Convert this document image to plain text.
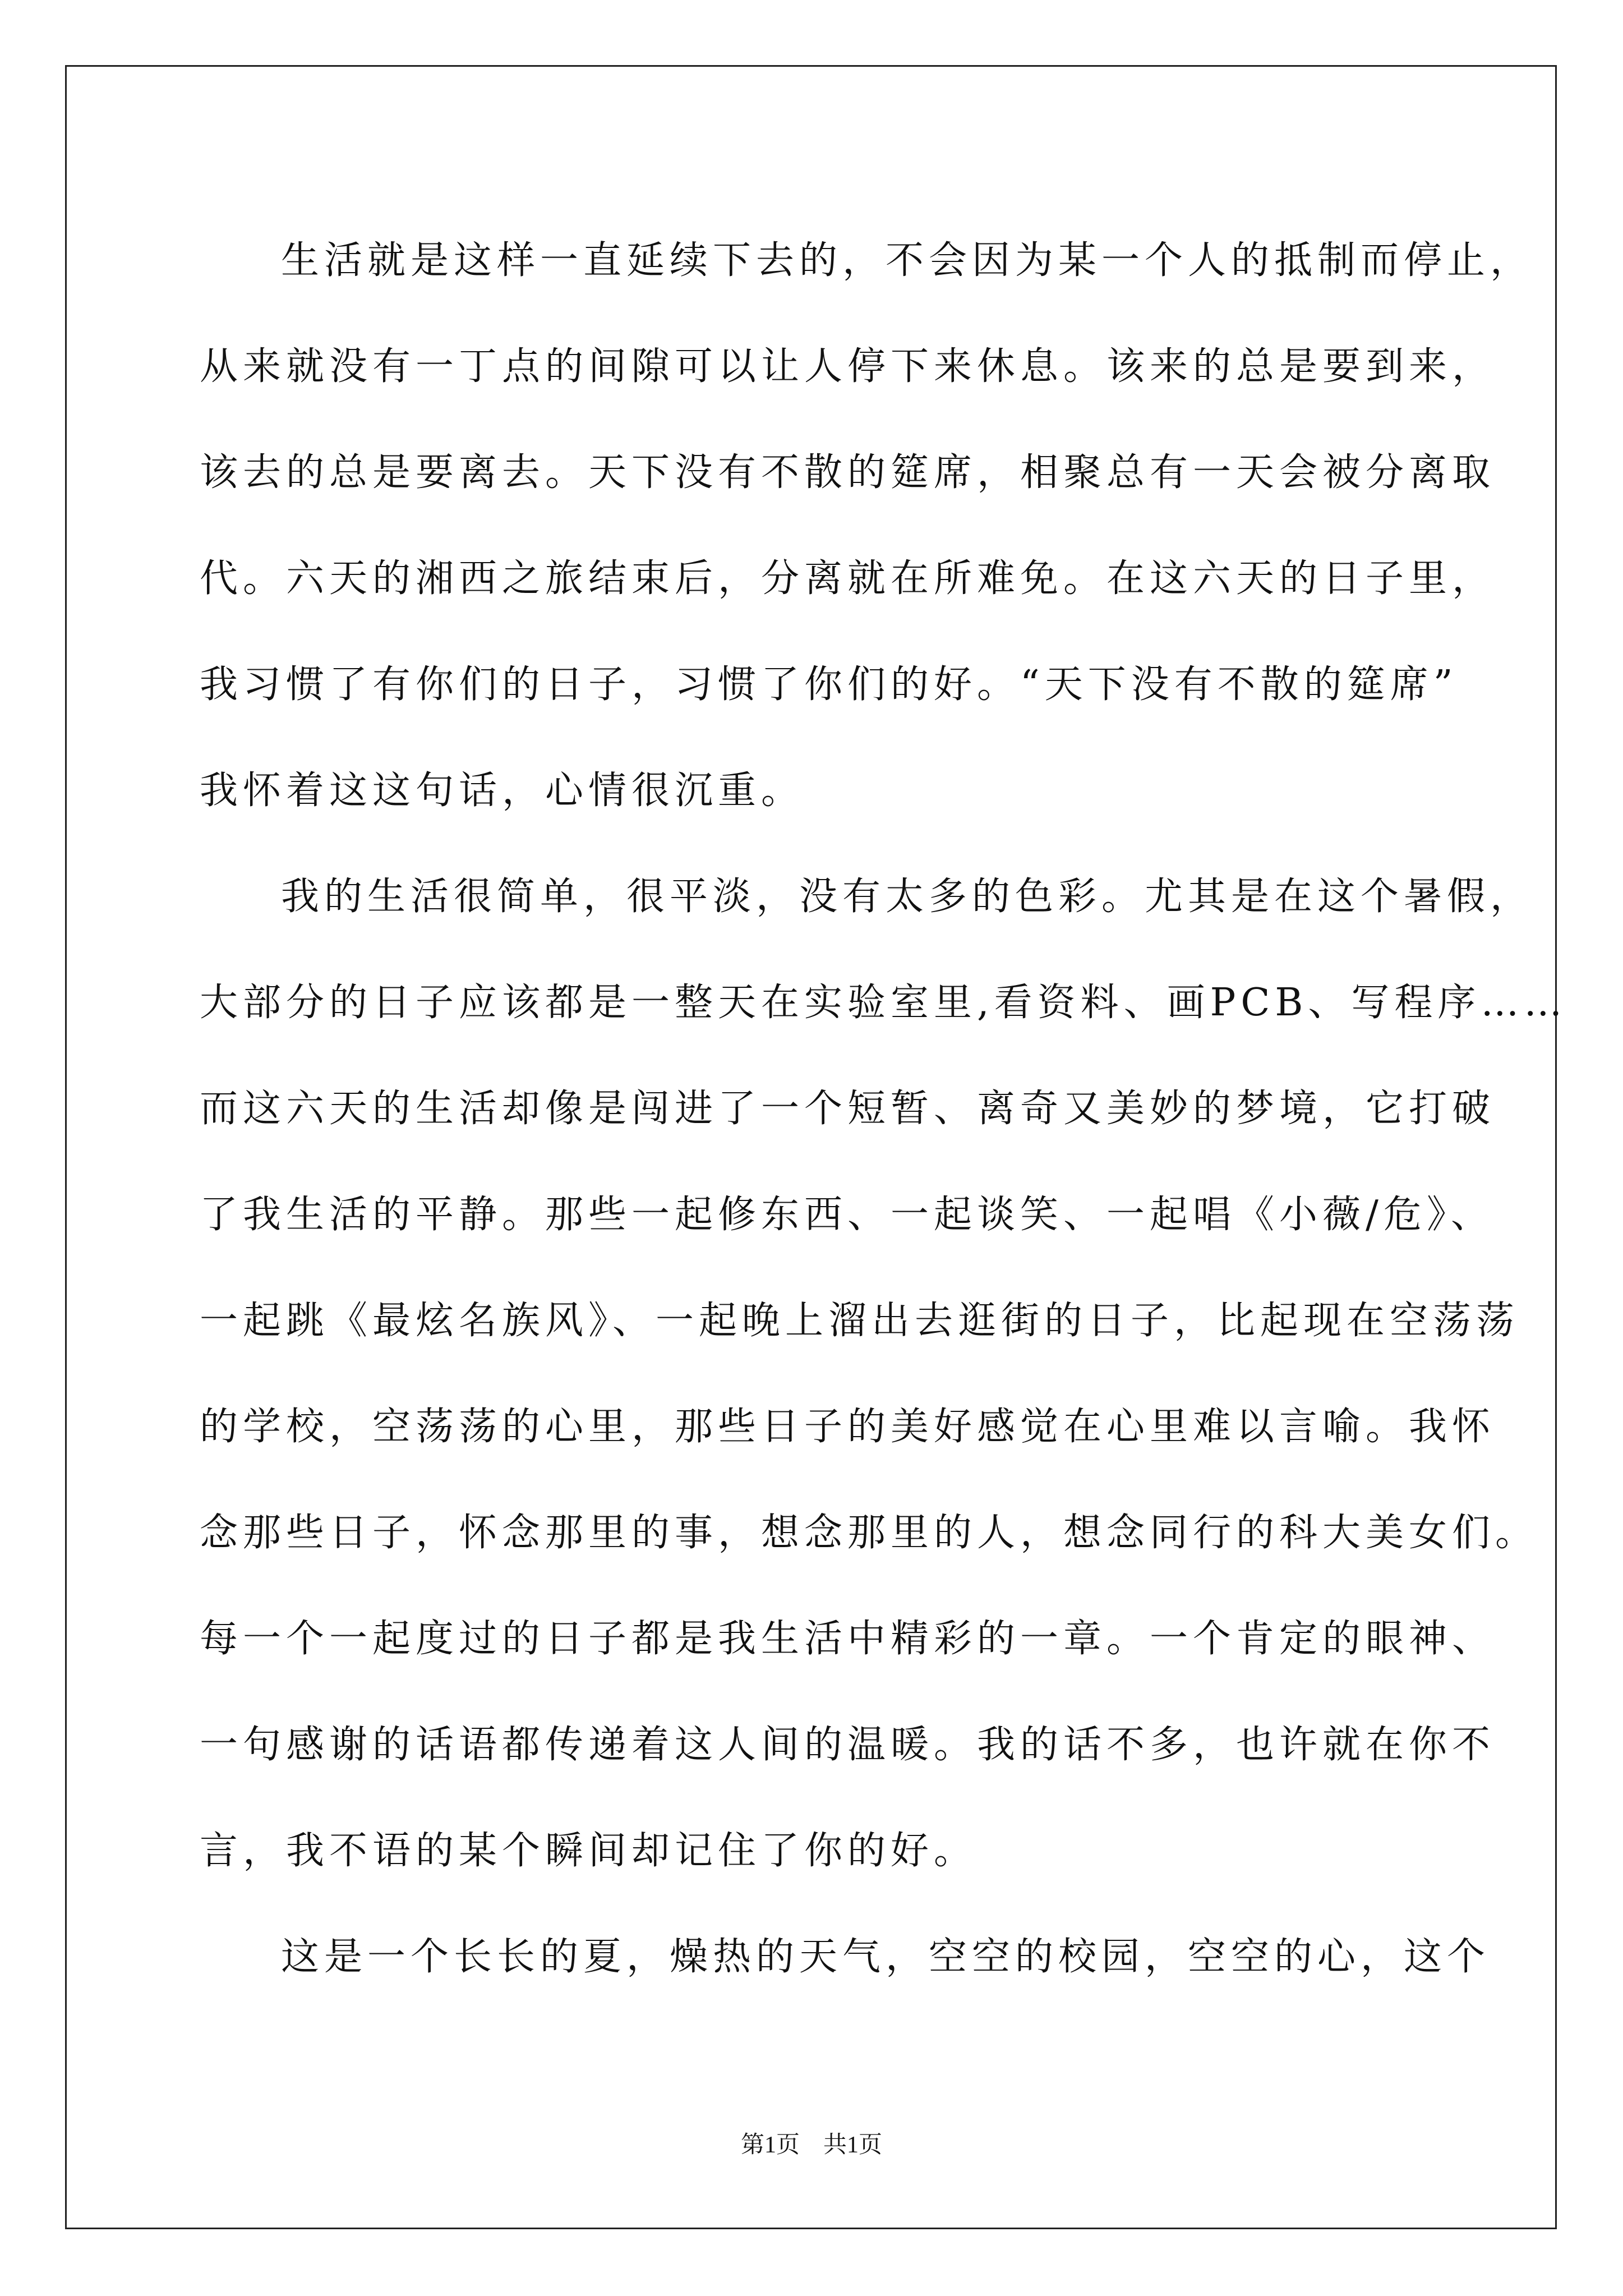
生活就是这样一直延续下去的，不会因为某一个人的抵制而停止，
从来就没有一丁点的间隙可以让人停下来休息。该来的总是要到来，
该去的总是要离去。天下没有不散的筵席，相聚总有一天会被分离取
代。六天的湘西之旅结束后，分离就在所难免。在这六天的日子里，
我习惯了有你们的日子，习惯了你们的好。“天下没有不散的筵席”
我怀着这这句话，心情很沉重。
我的生活很简单，很平淡，没有太多的色彩。尤其是在这个暑假，
大部分的日子应该都是一整天在实验室里,看资料、画PCB、写程序……
而这六天的生活却像是闯进了一个短暂、离奇又美妙的梦境，它打破
了我生活的平静。那些一起修东西、一起谈笑、一起唱《小薇/危》、
一起跳《最炫名族风》、一起晚上溜出去逛街的日子，比起现在空荡荡
的学校，空荡荡的心里，那些日子的美好感觉在心里难以言喻。我怀
念那些日子，怀念那里的事，想念那里的人，想念同行的科大美女们。
每一个一起度过的日子都是我生活中精彩的一章。一个肯定的眼神、
一句感谢的话语都传递着这人间的温暖。我的话不多，也许就在你不
言，我不语的某个瞬间却记住了你的好。
这是一个长长的夏，燥热的天气，空空的校园，空空的心，这个
第1页　共1页
